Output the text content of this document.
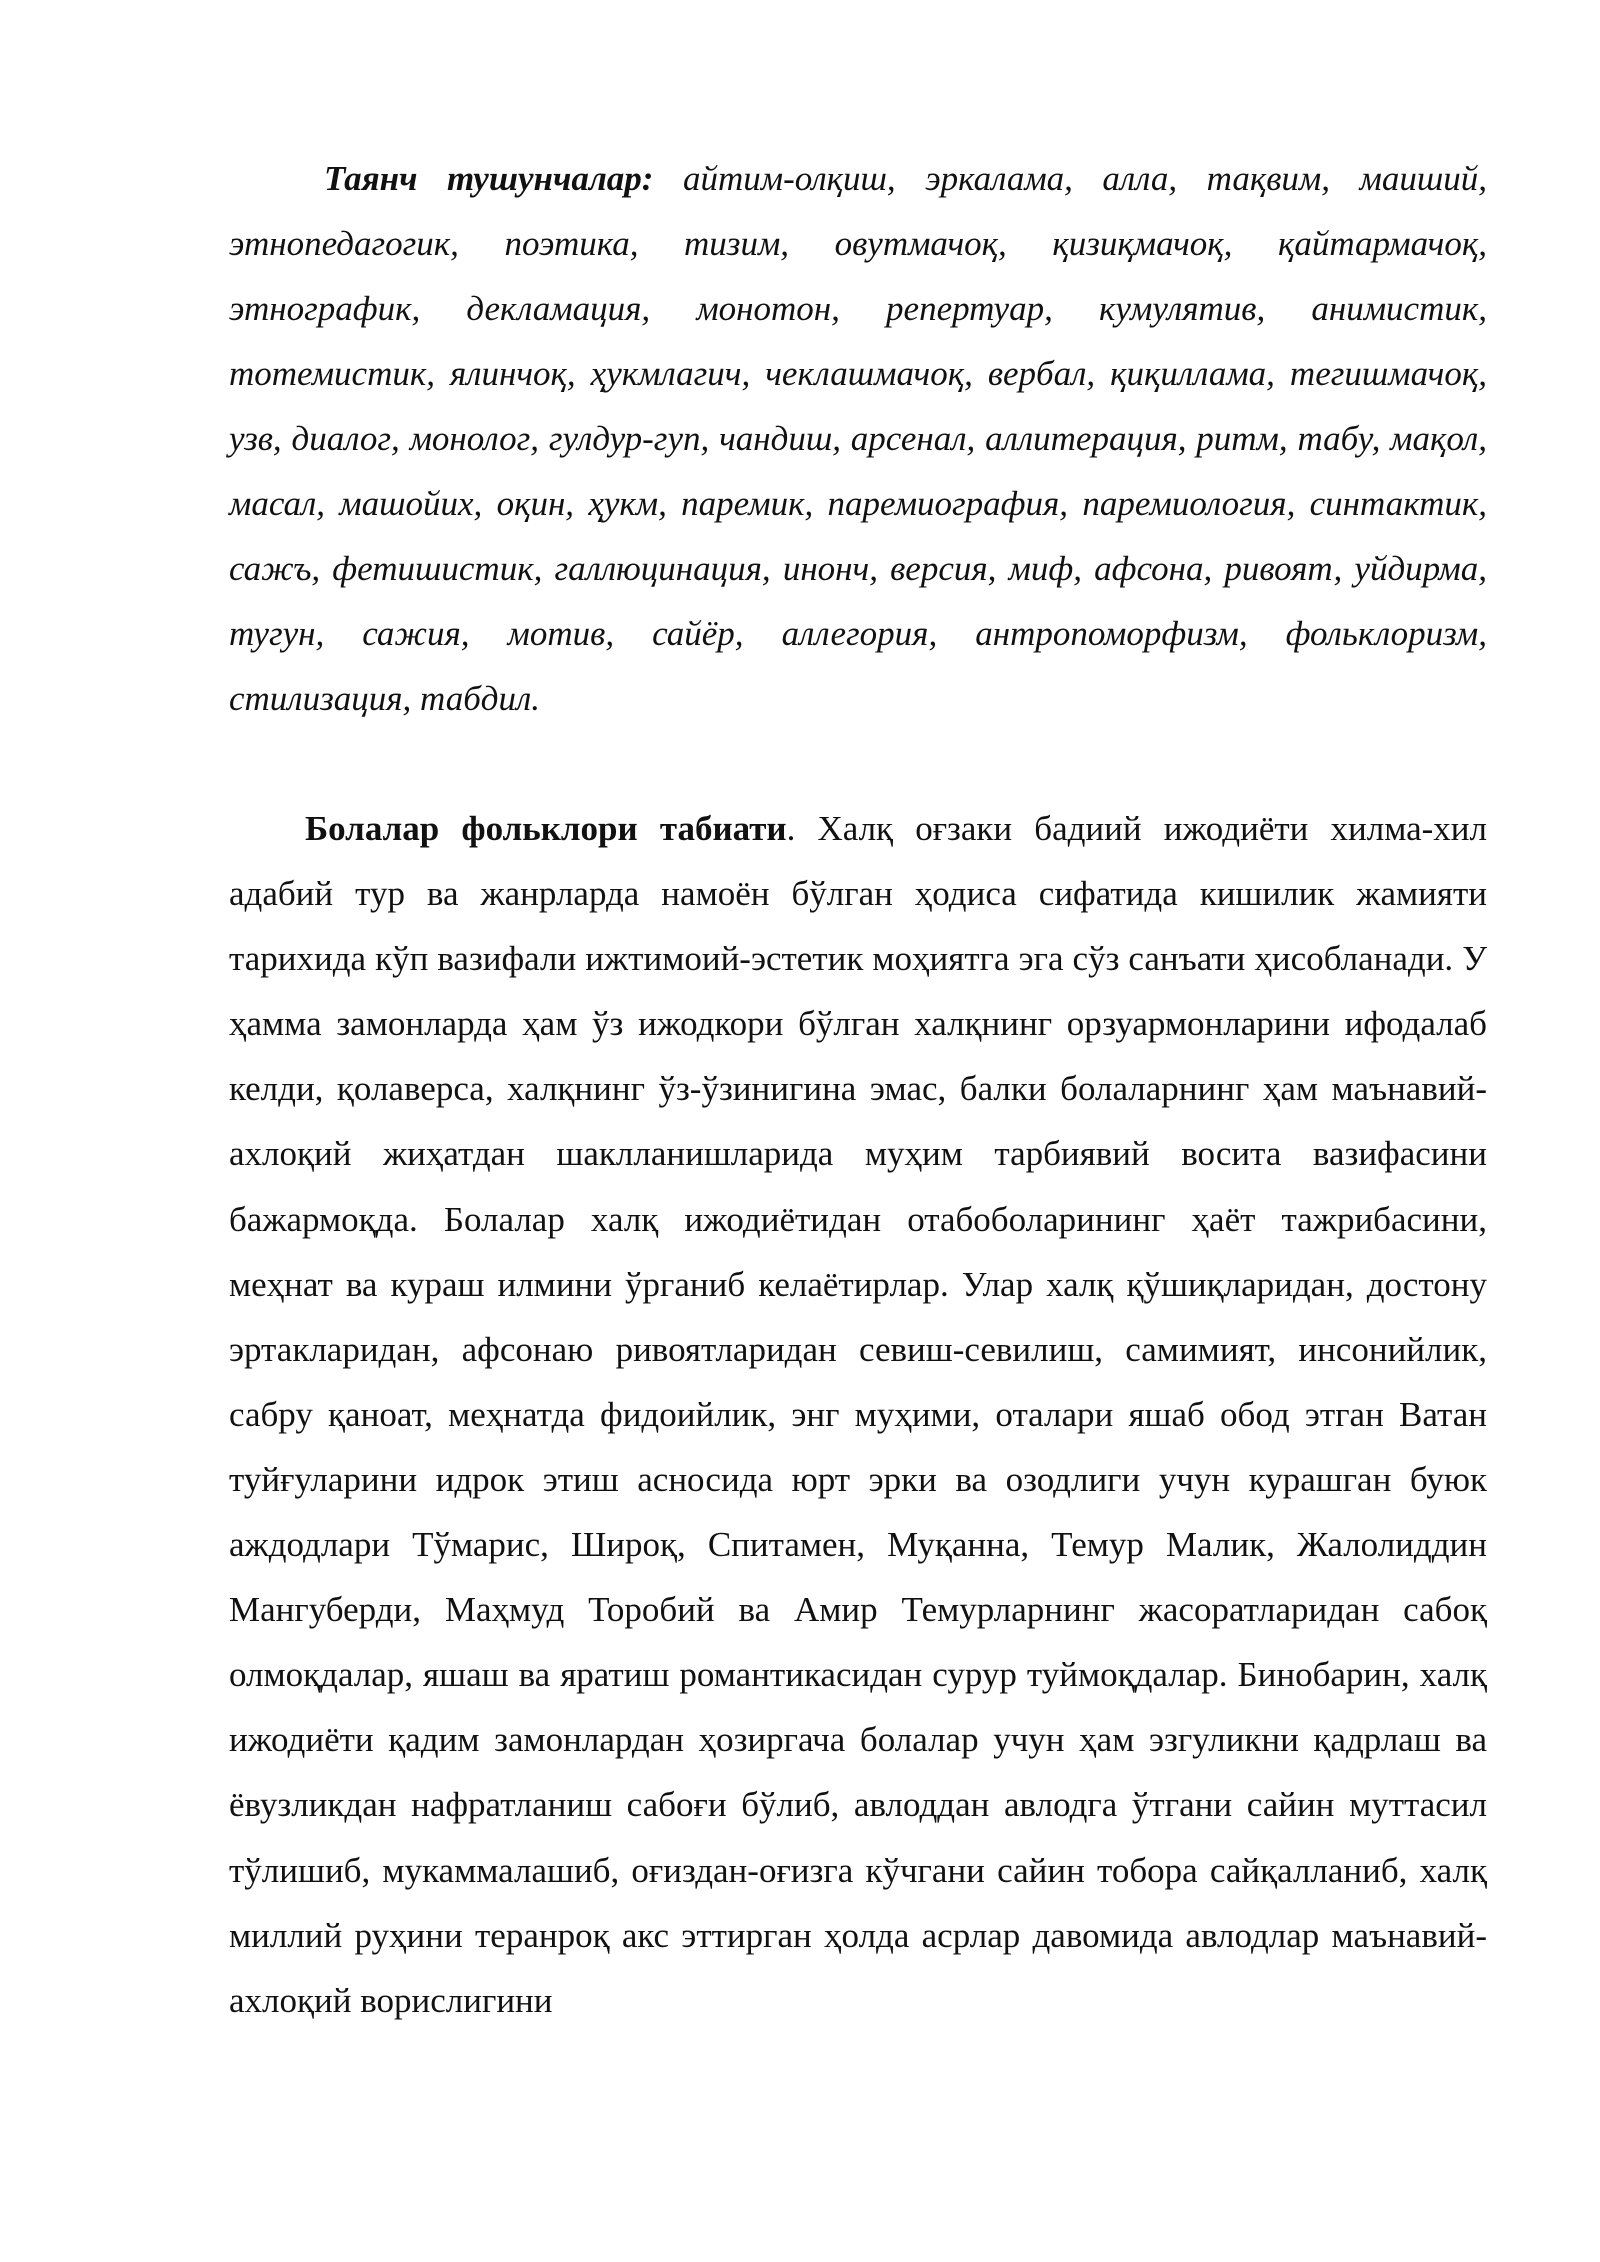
Таянч тушунчалар: айтим-олқиш, эркалама, алла, тақвим, маиший, этнопедагогик, поэтика, тизим, овутмачоқ, қизиқмачоқ, қайтармачоқ, этнографик, декламация, монотон, репертуар, кумулятив, анимистик, тотемистик, ялинчоқ, ҳукмлагич, чеклашмачоқ, вербал, қиқиллама, тегишмачоқ, узв, диалог, монолог, гулдур-гуп, чандиш, арсенал, аллитерация, ритм, табу, мақол, масал, машойих, оқин, ҳукм, паремик, паремиография, паремиология, синтактик, сажъ, фетишистик, галлюцинация, инонч, версия, миф, афсона, ривоят, уйдирма, тугун, сажия, мотив, сайёр, аллегория, антропоморфизм, фольклоризм, стилизация, табдил.

Болалар фольклори табиати. Халқ оғзаки бадиий ижодиёти хилма-хил адабий тур ва жанрларда намоён бўлган ҳодиса сифатида кишилик жамияти тарихида кўп вазифали ижтимоий-эстетик моҳиятга эга сўз санъати ҳисобланади. У ҳамма замонларда ҳам ўз ижодкори бўлган халқнинг орзуармонларини ифодалаб келди, қолаверса, халқнинг ўз-ўзинигина эмас, балки болаларнинг ҳам маънавий-ахлоқий жиҳатдан шаклланишларида муҳим тарбиявий восита вазифасини бажармоқда. Болалар халқ ижодиётидан отабоболарининг ҳаёт тажрибасини, меҳнат ва кураш илмини ўрганиб келаётирлар. Улар халқ қўшиқларидан, достону эртакларидан, афсонаю ривоятларидан севиш-севилиш, самимият, инсонийлик, сабру қаноат, меҳнатда фидоийлик, энг муҳими, оталари яшаб обод этган Ватан туйғуларини идрок этиш асносида юрт эрки ва озодлиги учун курашган буюк аждодлари Тўмарис, Широқ, Спитамен, Муқанна, Темур Малик, Жалолиддин Мангуберди, Маҳмуд Торобий ва Амир Темурларнинг жасоратларидан сабоқ олмоқдалар, яшаш ва яратиш романтикасидан сурур туймоқдалар. Бинобарин, халқ ижодиёти қадим замонлардан ҳозиргача болалар учун ҳам эзгуликни қадрлаш ва ёвузликдан нафратланиш сабоғи бўлиб, авлоддан авлодга ўтгани сайин муттасил тўлишиб, мукаммалашиб, оғиздан-оғизга кўчгани сайин тобора сайқалланиб, халқ миллий руҳини теранроқ акс эттирган ҳолда асрлар давомида авлодлар маънавий-ахлоқий ворислигини
